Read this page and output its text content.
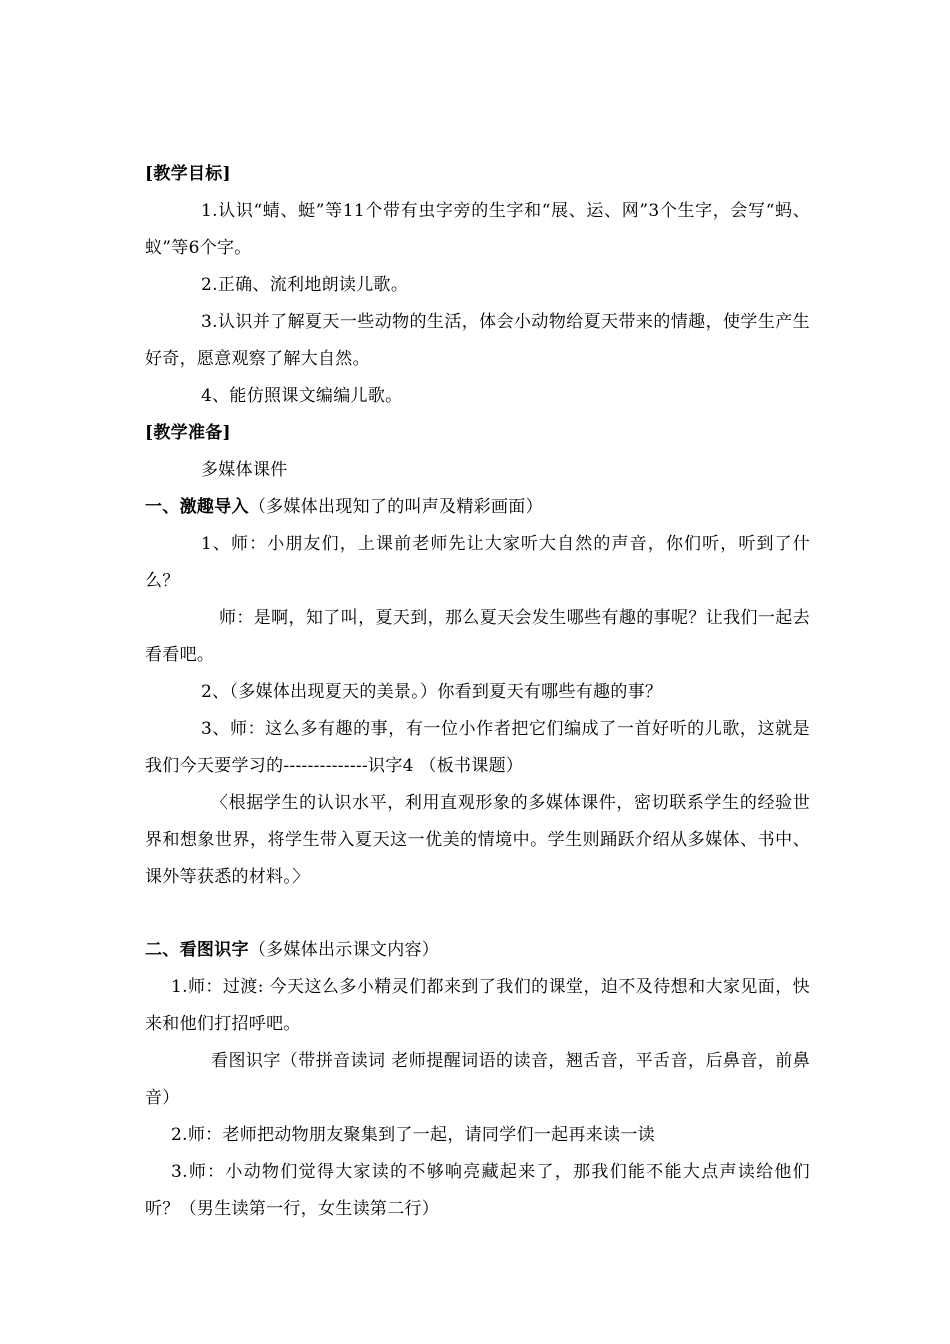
[教学目标]

1.认识“蜻、蜓”等11个带有虫字旁的生字和“展、运、网”3个生字，会写“蚂、蚁”等6个字。

2.正确、流利地朗读儿歌。

3.认识并了解夏天一些动物的生活，体会小动物给夏天带来的情趣，使学生产生好奇，愿意观察了解大自然。

4、能仿照课文编编儿歌。

[教学准备]

多媒体课件

一、激趣导入（多媒体出现知了的叫声及精彩画面）

1、师：小朋友们，上课前老师先让大家听大自然的声音，你们听，听到了什么？

师：是啊，知了叫，夏天到，那么夏天会发生哪些有趣的事呢？让我们一起去看看吧。

2、（多媒体出现夏天的美景。）你看到夏天有哪些有趣的事？

3、师：这么多有趣的事，有一位小作者把它们编成了一首好听的儿歌，这就是我们今天要学习的--------------识字4 （板书课题）

〈根据学生的认识水平，利用直观形象的多媒体课件，密切联系学生的经验世界和想象世界，将学生带入夏天这一优美的情境中。学生则踊跃介绍从多媒体、书中、课外等获悉的材料。〉

二、看图识字（多媒体出示课文内容）

1.师：过渡: 今天这么多小精灵们都来到了我们的课堂，迫不及待想和大家见面，快来和他们打招呼吧。

看图识字（带拼音读词 老师提醒词语的读音，翘舌音，平舌音，后鼻音，前鼻音）

2.师：老师把动物朋友聚集到了一起，请同学们一起再来读一读

3.师：小动物们觉得大家读的不够响亮藏起来了，那我们能不能大点声读给他们听？（男生读第一行，女生读第二行）
